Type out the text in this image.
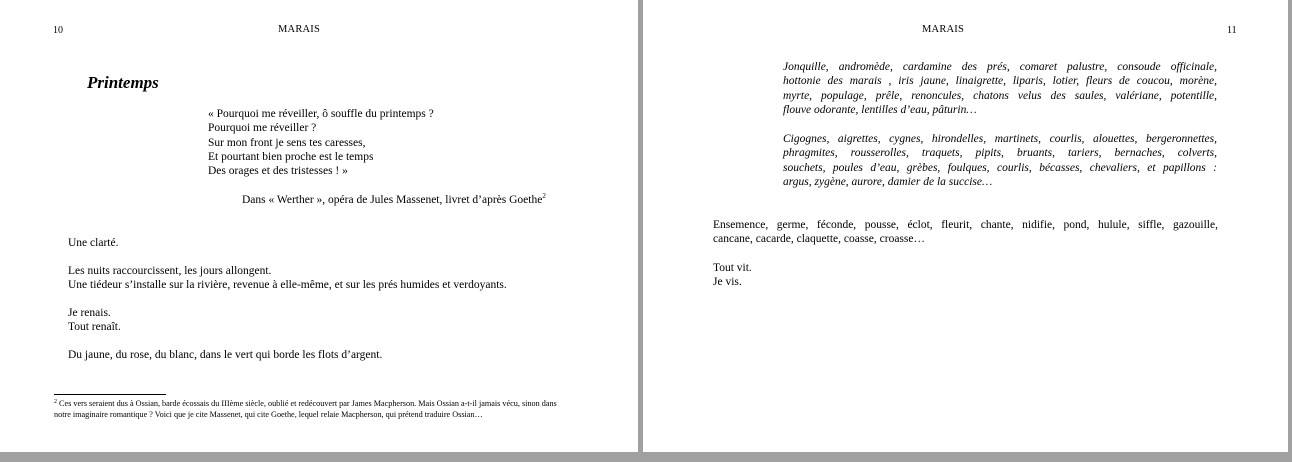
10	MARAIS
Printemps
« Pourquoi me réveiller, ô souffle du printemps ?
Pourquoi me réveiller ?
Sur mon front je sens tes caresses,
Et pourtant bien proche est le temps
Des orages et des tristesses ! »
Dans « Werther », opéra de Jules Massenet, livret d’après Goethe$^2$

Une clarté.

Les nuits raccourcissent, les jours allongent.
Une tiédeur s’installe sur la rivière, revenue à elle-même, et sur les prés humides et verdoyants.

Je renais.
Tout renaît.

Du jaune, du rose, du blanc, dans le vert qui borde les flots d’argent.

$^2$ Ces vers seraient dus à Ossian, barde écossais du IIIème siècle, oublié et redécouvert par James Macpherson. Mais Ossian a-t-il jamais vécu, sinon dans notre imaginaire romantique ? Voici que je cite Massenet, qui cite Goethe, lequel relaie Macpherson, qui prétend traduire Ossian…
MARAIS	11
Jonquille, andromède, cardamine des prés, comaret palustre, consoude officinale,
hottonie des marais , iris jaune, linaigrette, liparis, lotier, fleurs de coucou, morène,
myrte, populage, prêle, renoncules, chatons velus des saules, valériane, potentille,
flouve odorante, lentilles d’eau, pâturin…
Cigognes, aigrettes, cygnes, hirondelles, martinets, courlis, alouettes, bergeronnettes,
phragmites, rousserolles, traquets, pipits, bruants, tariers, bernaches, colverts,
souchets, poules d’eau, grèbes, foulques, courlis, bécasses, chevaliers, et papillons :
argus, zygène, aurore, damier de la succise…
Ensemence, germe, féconde, pousse, éclot, fleurit, chante, nidifie, pond, hulule, siffle, gazouille,
cancane, cacarde, claquette, coasse, croasse…
Tout vit.
Je vis.
